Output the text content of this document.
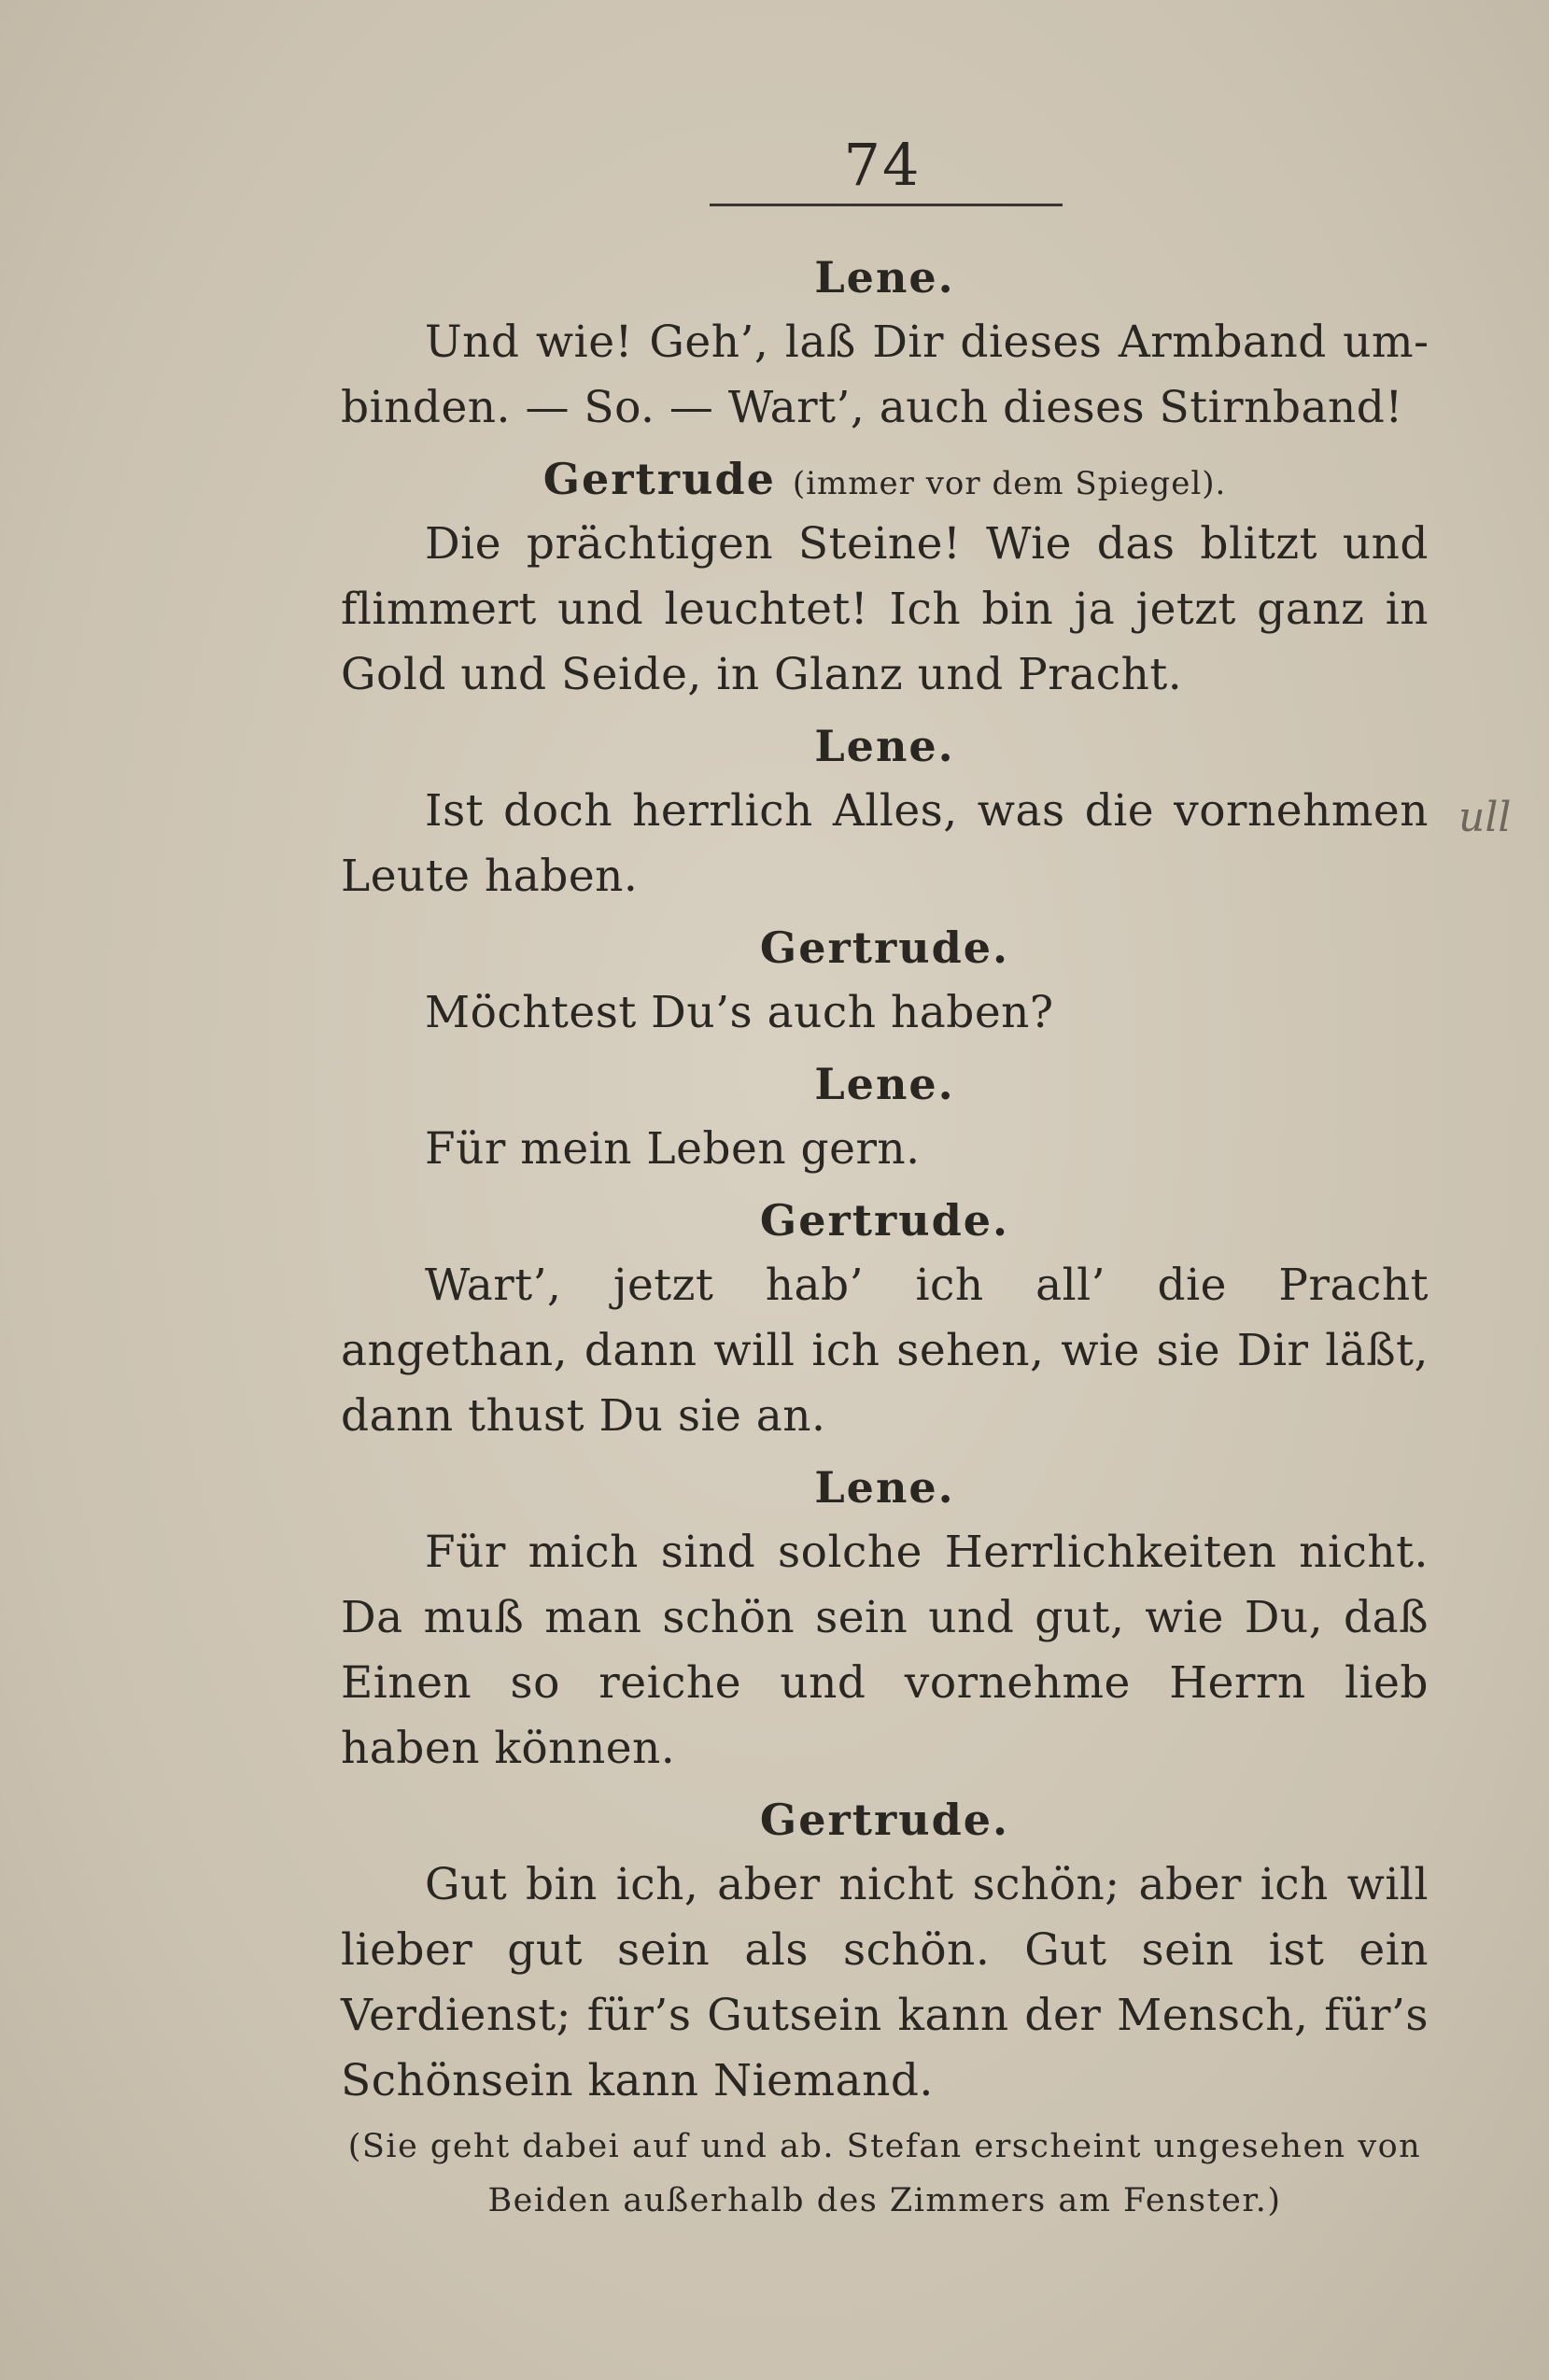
74
Lene.
Und wie! Geh’, laß Dir dieses Armband umbinden. — So. — Wart’, auch dieses Stirnband!
Gertrude (immer vor dem Spiegel).
Die prächtigen Steine! Wie das blitzt und flimmert und leuchtet! Ich bin ja jetzt ganz in Gold und Seide, in Glanz und Pracht.
Lene.
Ist doch herrlich Alles, was die vornehmen Leute haben.
Gertrude.
Möchtest Du’s auch haben?
Lene.
Für mein Leben gern.
Gertrude.
Wart’, jetzt hab’ ich all’ die Pracht angethan, dann will ich sehen, wie sie Dir läßt, dann thust Du sie an.
Lene.
Für mich sind solche Herrlichkeiten nicht. Da muß man schön sein und gut, wie Du, daß Einen so reiche und vornehme Herrn lieb haben können.
Gertrude.
Gut bin ich, aber nicht schön; aber ich will lieber gut sein als schön. Gut sein ist ein Verdienst; für’s Gutsein kann der Mensch, für’s Schönsein kann Niemand.
(Sie geht dabei auf und ab. Stefan erscheint ungesehen von Beiden außerhalb des Zimmers am Fenster.)
ull
